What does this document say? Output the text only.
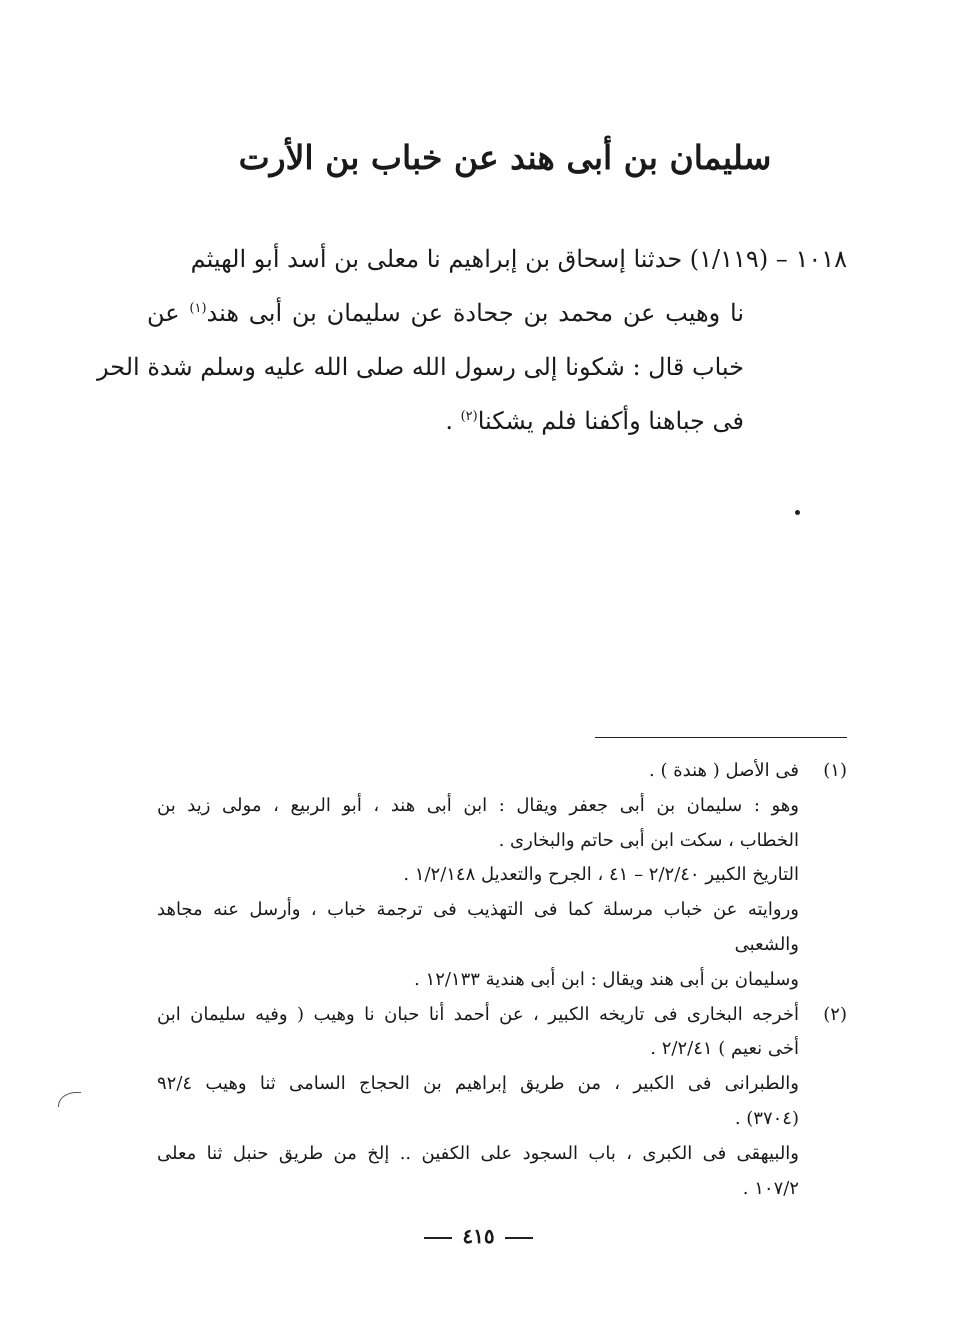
سليمان بن أبى هند عن خباب بن الأرت
١٠١٨ – (١/١١٩) حدثنا إسحاق بن إبراهيم نا معلى بن أسد أبو الهيثم
نا وهيب عن محمد بن جحادة عن سليمان بن أبى هند$^{(١)}$ عن
خباب قال : شكونا إلى رسول الله صلى الله عليه وسلم شدة الحر
فى جباهنا وأكفنا فلم يشكنا$^{(٢)}$ .
(١)
فى الأصل ( هندة ) .
وهو : سليمان بن أبى جعفر ويقال : ابن أبى هند ، أبو الربيع ، مولى زيد بن
الخطاب ، سكت ابن أبى حاتم والبخارى .
التاريخ الكبير ٢/٢/٤٠ – ٤١ ، الجرح والتعديل ١/٢/١٤٨ .
وروايته عن خباب مرسلة كما فى التهذيب فى ترجمة خباب ، وأرسل عنه مجاهد والشعبى
وسليمان بن أبى هند ويقال : ابن أبى هندية ١٢/١٣٣ .
(٢)
أخرجه البخارى فى تاريخه الكبير ، عن أحمد أنا حبان نا وهيب ( وفيه سليمان ابن
أخى نعيم ) ٢/٢/٤١ .
والطبرانى فى الكبير ، من طريق إبراهيم بن الحجاج السامى ثنا وهيب ٩٢/٤
(٣٧٠٤) .
والبيهقى فى الكبرى ، باب السجود على الكفين .. إلخ من طريق حنبل ثنا معلى
١٠٧/٢ .
٤١٥
